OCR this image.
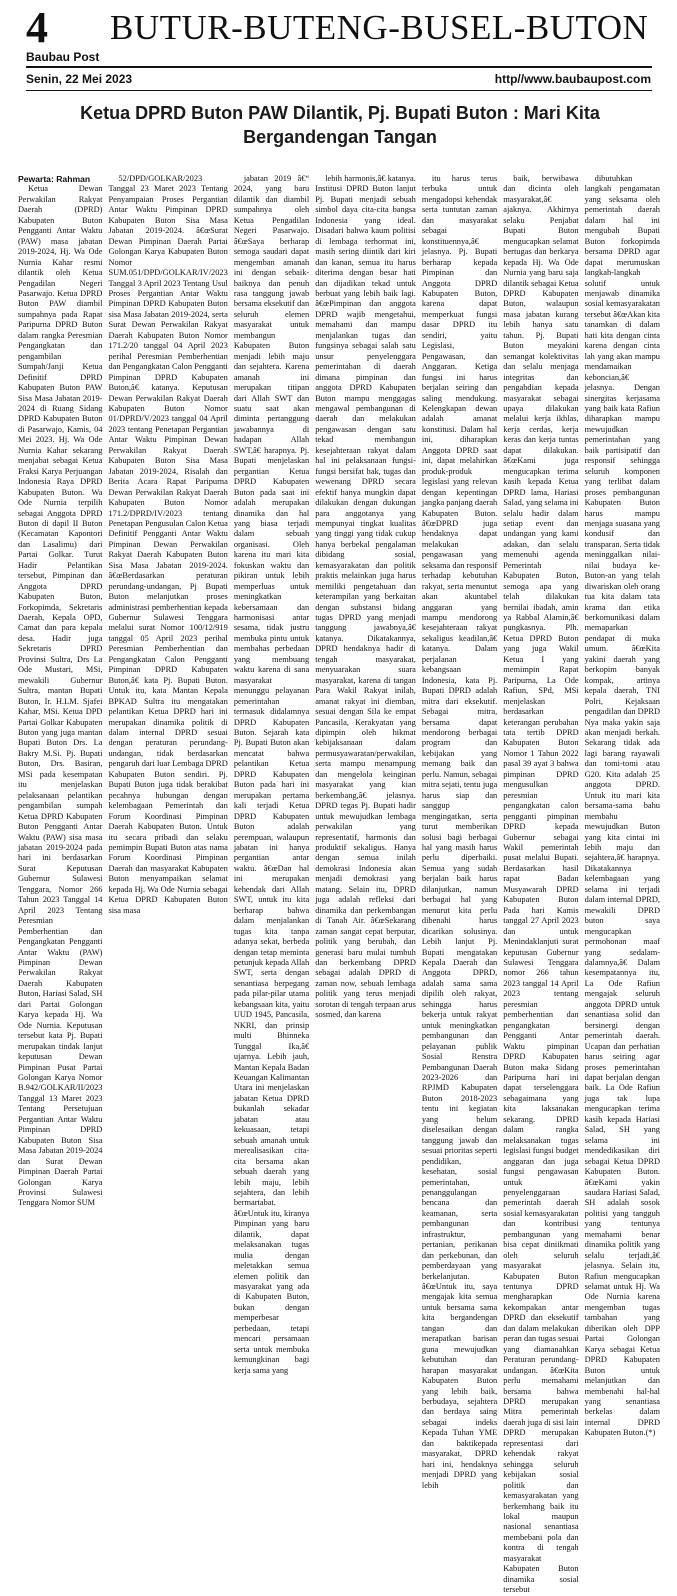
4
Baubau Post
BUTUR-BUTENG-BUSEL-BUTON
Senin, 22 Mei 2023	http//www.baubaupost.com
Ketua DPRD Buton PAW Dilantik, Pj. Bupati Buton : Mari Kita Bergandengan Tangan

Pewarta: Rahman

Ketua Dewan Perwakilan Rakyat Daerah (DPRD) Kabupaten Buton Pengganti Antar Waktu (PAW) masa jabatan 2019-2024, Hj. Wa Ode Nurnia Kahar resmi dilantik oleh Ketua Pengadilan Negeri Pasarwajo. Ketua DPRD Buton PAW diambil sumpahnya pada Rapat Paripurna DPRD Buton dalam rangka Peresmian Pengangkatan dan pengambilan Sumpah/Janji Ketua Definitif DPRD Kabupaten Buton PAW Sisa Masa Jabatan 2019-2024 di Ruang Sidang DPRD Kabupaten Buton di Pasarwajo, Kamis, 04 Mei 2023. Hj. Wa Ode Nurnia Kahar sekarang menjabat sebagai Ketua Fraksi Karya Perjuangan Indonesia Raya DPRD Kabupaten Buton. Wa Ode Nurnia terpilih sebagai Anggota DPRD Buton di dapil II Buton (Kecamatan Kapontori dan Lasalimu) dari Partai Golkar. Turut Hadir Pelantikan tersebut, Pimpinan dan Anggota DPRD Kabupaten Buton, Forkopimda, Sekretaris Daerah, Kepala OPD, Camat dan para kepala desa. Hadir juga Sekretaris DPRD Provinsi Sultra, Drs La Ode Mustari, MSi, mewakili Gubernur Sultra, mantan Bupati Buton, Ir. H.LM. Sjafei Kahar, MSi. Ketua DPD Partai Golkar Kabupaten Buton yang juga mantan Bupati Buton Drs. La Bakry M.Si. Pj. Bupati Buton, Drs. Basiran, MSi pada kesempatan itu menjelaskan pelaksanaan pelantikan pengambilan sumpah Ketua DPRD Kabupaten Buton Pengganti Antar Waktu (PAW) sisa masa jabatan 2019-2024 pada hari ini berdasarkan Surat Keputusan Gubernur Sulawesi Tenggara, Nomor 266 Tahun 2023 Tanggal 14 April 2023 Tentang Peresmian Pemberhentian dan Pengangkatan Pengganti Antar Waktu (PAW) Pimpinan Dewan Perwakilan Rakyat Daerah Kabupaten Buton, Hariasi Salad, SH dari Partai Golongan Karya kepada Hj. Wa Ode Nurnia. Keputusan tersebut kata Pj. Bupati merupakan tindak lanjut keputusan Dewan Pimpinan Pusat Partai Golongan Karya Nomor B.942/GOLKAR/II/2023 Tanggal 13 Maret 2023 Tentang Persetujuan Pergantian Antar Waktu Pimpinan DPRD Kabupaten Buton Sisa Masa Jabatan 2019-2024 dan Surat Dewan Pimpinan Daerah Partai Golongan Karya Provinsi Sulawesi Tenggara Nomor SUM

52/DPD/GOLKAR/2023 Tanggal 23 Maret 2023 Tentang Penyampaian Proses Pergantian Antar Waktu Pimpinan DPRD Kabupaten Buton Sisa Masa Jabatan 2019-2024. â€œSurat Dewan Pimpinan Daerah Partai Golongan Karya Kabupaten Buton Nomor SUM.051/DPD/GOLKAR/IV/2023 Tanggal 3 April 2023 Tentang Usul Proses Pergantian Antar Waktu Pimpinan DPRD Kabupaten Buton sisa Masa Jabatan 2019-2024, serta Surat Dewan Perwakilan Rakyat Daerah Kabupaten Buton Nomor 171.2/20 tanggal 04 April 2023 perihal Peresmian Pemberhentian dan Pengangkatan Calon Pengganti Pimpinan DPRD Kabupaten Buton,â€ katanya. Keputusan Dewan Perwakilan Rakyat Daerah Kabupaten Buton Nomor 01/DPRD/V/2023 tanggal 04 April 2023 tentang Penetapan Pergantian Antar Waktu Pimpinan Dewan Perwakilan Rakyat Daerah Kabupaten Buton Sisa Masa Jabatan 2019-2024, Risalah dan Berita Acara Rapat Paripurna Dewan Perwakilan Rakyat Daerah Kabupaten Buton Nomor 171.2/DPRD/IV/2023 tentang Penetapan Pengusulan Calon Ketua Definitif Pengganti Antar Waktu Pimpinan Dewan Perwakilan Rakyat Daerah Kabupaten Buton Sisa Masa Jabatan 2019-2024. â€œBerdasarkan peraturan perundang-undangan, Pj Bupati Buton melanjutkan proses administrasi pemberhentian kepada Gubernur Sulawesi Tenggara melalui surat Nomor 100/12/919 tanggal 05 April 2023 perihal Peresmian Pemberhentian dan Pengangkatan Calon Pengganti Pimpinan DPRD Kabupaten Buton,â€ kata Pj. Bupati Buton. Untuk itu, kata Mantan Kepala BPKAD Sultra itu mengatakan pelantikan Ketua DPRD hari ini merupakan dinamika politik di dalam internal DPRD sesuai dengan peraturan perundang-undangan, tidak berdasarkan pengaruh dari luar Lembaga DPRD Kabupaten Buton sendiri. Pj. Bupati Buton juga tidak berakibat pecahnya hubungan dengan kelembagaan Pemerintah dan Forum Koordinasi Pimpinan Daerah Kabupaten Buton. Untuk itu secara pribadi dan selaku pemimpin Bupati Buton atas nama Forum Koordinasi Pimpinan Daerah dan masyarakat Kabupaten Buton menyampaikan selamat kepada Hj. Wa Ode Nurnia sebagai Ketua DPRD Kabupaten Buton sisa masa

jabatan 2019 â€“ 2024, yang baru dilantik dan diambil sumpahnya oleh Ketua Pengadilan Negeri Pasarwajo. â€œSaya berharap semoga saudari dapat mengemban amanah ini dengan sebaik-baiknya dan penuh rasa tanggung jawab bersama eksekutif dan seluruh elemen masyarakat untuk membangun Kabupaten Buton menjadi lebih maju dan sejahtera. Karena amanah ini merupakan titipan dari Allah SWT dan suatu saat akan diminta pertanggung jawabannya di hadapan Allah SWT,â€ harapnya. Pj. Bupati menjelaskan pergantian Ketua DPRD Kabupaten Buton pada saat ini adalah merupakan dinamika dan hal yang biasa terjadi dalam sebuah organisasi. Oleh karena itu mari kita fokuskan waktu dan pikiran untuk lebih memperluas untuk meningkatkan kebersamaan dan harmonisasi antar sesama, tidak justru membuka pintu untuk membahas perbedaan yang membuang waktu karena di sana masyarakat menunggu pelayanan pemerintahan termasuk didalamnya DPRD Kabupaten Buton. Sejarah kata Pj. Bupati Buton akan mencatat bahwa pelantikan Ketua DPRD Kabupaten Buton pada hari ini merupakan pertama kali terjadi Ketua DPRD Kabupaten Buton adalah perempuan, walaupun jabatan ini hanya pergantian antar waktu. â€œDan hal ini merupakan kehendak dari Allah SWT, untuk itu kita berharap bahwa dalam menjalankan tugas kita tanpa adanya sekat, berbeda dengan tetap meminta petunjuk kepada Allah SWT, serta dengan senantiasa berpegang pada pilar-pilar utama kebangsaan kita, yaitu UUD 1945, Pancasila, NKRI, dan prinsip multi Bhinneka Tunggal Ika,â€ ujarnya. Lebih jauh, Mantan Kepala Badan Keuangan Kalimantan Utara ini menjelaskan jabatan Ketua DPRD bukanlah sekadar jabatan atau kekuasaan, tetapi sebuah amanah untuk merealisasikan cita-cita bersama akan sebuah daerah yang lebih maju, lebih sejahtera, dan lebih bermartabat. â€œUntuk itu, kiranya Pimpinan yang baru dilantik, dapat melaksanakan tugas mulia dengan meletakkan semua elemen politik dan masyarakat yang ada di Kabupaten Buton, bukan dengan memperbesar perbedaan, tetapi mencari persamaan serta untuk membuka kemungkinan bagi kerja sama yang

lebih harmonis,â€ katanya. Institusi DPRD Buton lanjut Pj. Bupati menjadi sebuah simbol daya cita-cita bangsa Indonesia yang ideal. Disadari bahwa kaum politisi di lembaga terhormat ini, masih sering diintik dari kiri dan kanan, semua itu harus diterima dengan besar hati dan dijadikan tekad untuk berbuat yang lebih baik lagi. â€œPimpinan dan anggota DPRD wajib mengetahui, memahami dan mampu menjalankan tugas dan fungsinya sebagai salah satu unsur penyelenggara pemerintahan di daerah dimana pimpinan dan anggota DPRD Kabupaten Buton mampu menggagas mengawal pembangunan di daerah dan melakukan pengawasan dengan satu tekad membangun kesejahteraan rakyat dalam hal ini pelaksanaan fungsi-fungsi bersifat hak, tugas dan wewenang DPRD secara efektif hanya mungkin dapat dilakukan dengan dukungan para anggotanya yang mempunyai tingkat kualitas yang tinggi yang tidak cukup hanya berbekal pengalaman dibidang sosial, kemasyarakatan dan politik praktis melainkan juga harus memiliki pengetahuan dan keterampilan yang berkaitan dengan substansi bidang tugas DPRD yang menjadi tanggung jawabnya,â€ katanya. Dikatakannya, DPRD hendaknya hadir di tengah masyarakat, menyuarakan suara masyarakat, karena di tangan Para Wakil Rakyat inilah, amanat rakyat ini diemban, sesuai dengan Sila ke empat Pancasila, Kerakyatan yang dipimpin oleh hikmat kebijaksanaan dalam permusyawaratan/perwakilan, serta mampu menampung dan mengelola keinginan masyarakat yang kian berkembang,â€ jelasnya. DPRD tegas Pj. Bupati hadir untuk mewujudkan lembaga perwakilan yang representatif, harmonis dan produktif sekaligus. Hanya dengan semua inilah demokrasi Indonesia akan menjadi demokrasi yang matang. Selain itu, DPRD juga adalah refleksi dari dinamika dan perkembangan di Tanah Air. â€œSekarang zaman sangat cepat berputar, politik yang berubah, dan generasi baru mulai tumbuh dan berkembang DPRD sebagai adalah DPRD di zaman now, sebuah lembaga politik yang terus menjadi sorotan di tengah terpaan arus sosmed, dan karena

itu harus terus terbuka untuk mengadopsi kehendak serta tuntutan zaman dan masyarakat sebagai konstituennya,â€ jelasnya. Pj. Bupati berharap kepada Pimpinan dan Anggota DPRD Kabupaten Buton, karena dapat memperkuat fungsi dasar DPRD itu sendiri, yaitu Legislasi, Pengawasan, dan Anggaran. Ketiga fungsi ini harus berjalan seiring dan saling mendukung. Kelengkapan dewan adalah amanat konstitusi. Dalam hal ini, diharapkan Anggota DPRD saat ini, dapat melahirkan produk-produk legislasi yang relevan dengan kepentingan jangka panjang daerah Kabupaten Buton. â€œDPRD juga hendaknya dapat melakukan pengawasan yang seksama dan responsif terhadap kebutuhan rakyat, serta menuntut akan akuntabel anggaran yang mampu mendorong kesejahteraan rakyat sekaligus keadilan,â€ katanya. Dalam perjalanan kebangsaan Indonesia, kata Pj. Bupati DPRD adalah mitra dari eksekutif. Sebagai mitra, bersama dapat mendorong berbagai program dan kebijakan yang memang baik dan perlu. Namun, sebagai mitra sejati, tentu juga harus siap dan sanggup mengingatkan, serta turut memberikan solusi bagi berbagai hal yang masih harus perlu diperbaiki. Semua yang sudah berjalan baik harus dilanjutkan, namun berbagai hal yang menurut kita perlu dibenahi harus dicarikan solusinya. Lebih lanjut Pj. Bupati mengatakan Kepala Daerah dan Anggota DPRD, adalah sama sama dipilih oleh rakyat, sehingga harus bekerja untuk rakyat untuk meningkatkan pembangunan dan pelayanan publik Sosial Renstra Pembangunan Daerah 2023-2026 dan RPJMD Kabupaten Buton 2018-2023 tentu ini kegiatan yang belum diselesaikan dengan tanggung jawab dan sesuai prioritas seperti pendidikan, kesehatan, sosial pemerintahan, penanggulangan bencana dan keamanan, serta pembangunan infrastruktur, pertanian, perikanan dan perkebunan, dan pemberdayaan yang berkelanjutan. â€œUntuk itu, saya mengajak kita semua untuk bersama sama kita bergandengan tangan dan merapatkan barisan guna mewujudkan kebutuhan dan harapan masyarakat Kabupaten Buton yang lebih baik, berbudaya, sejahtera dan berdaya saing sebagai indeks Kepada Tuhan YME dan baktikepada masyarakat, DPRD hari ini, hendaknya menjadi DPRD yang lebih

baik, berwibawa dan dicinta oleh masyarakat,â€ ajaknya. Akhirnya selaku Penjabat Bupati Buton mengucapkan selamat bertugas dan berkarya kepada Hj. Wa Ode Nurnia yang baru saja dilantik sebagai Ketua DPRD Kabupaten Buton, walaupun masa jabatan kurang lebih hanya satu tahun. Pj. Bupati Buton meyakini semangat kolektivitas dan selalu menjaga integritas dan pengabdian kepada masyarakat sebagai upaya dilakukan melalui kerja ikhlas, kerja cerdas, kerja keras dan kerja tuntas dapat dilakukan. â€œKami juga mengucapkan terima kasih kepada Ketua DPRD lama, Hariasi Salad, yang selama ini selalu hadir dalam setiap event dan undangan yang kami adakan, dan selalu memenuhi agenda Pemerintah Kabupaten Buton, semoga apa yang telah dilakukan bernilai ibadah, amin ya Rabbal Alamin,â€ pungkasnya. Plh. Ketua DPRD Buton yang juga Wakil Ketua I yang memimpin Rapat Paripurna, La Ode Rafiun, SPd, MSi menjelaskan berdasarkan keterangan perubahan tata tertib DPRD Kabupaten Buton Nomor 1 Tahun 2022 pasal 39 ayat 3 bahwa pimpinan DPRD mengusulkan peresmian pengangkatan calon pengganti pimpinan DPRD kepada Gubernur sebagai Wakil pemerintah pusat melalui Bupati. Berdasarkan hasil rapat Badan Musyawarah DPRD Kabupaten Buton Pada hari Kamis tanggal 27 April 2023 dan untuk Menindaklanjuti surat keputusan Gubernur Sulawesi Tenggara nomor 266 tahun 2023 tanggal 14 April 2023 tentang peresmian pemberhentian dan pengangkatan Pengganti Antar Waktu pimpinan DPRD Kabupaten Buton maka Sidang Paripurna hari ini dapat terselenggara sebagaimana yang kita laksanakan sekarang. DPRD dalam rangka melaksanakan tugas legislasi fungsi budget anggaran dan juga fungsi pengawasan untuk penyelenggaraan pemerintah daerah sosial kemasyarakatan dan kontribusi pembangunan yang bisa cepat diniikmati oleh seluruh masyarakat Kabupaten Buton tentunya DPRD mengharapkan kekompakan antar DPRD dan eksekutif dan dalam melakukan peran dan tugas sesuai yang diamanahkan Peraturan perundang-undangan. â€œKita perlu memahami bersama bahwa DPRD merupakan Mitra pemerintah daerah juga di sisi lain DPRD merupakan representasi dari kehendak rakyat sehingga seluruh kebijakan sosial politik dan kemasyarakatan yang berkembang baik itu lokal maupun nasional senantiasa membebani pola dan kontra di tengah masyarakat Kabupaten Buton dinamika sosial tersebut

dibutuhkan langkah pengamatan yang seksama oleh pemerintah daerah dalam hal ini mengubah Bupati Buton forkopimda bersama DPRD agar dapat merumuskan langkah-langkah solutif untuk menjawab dinamika sosial kemasyarakatan tersebut â€œAkan kita tanamkan di dalam hati kita dengan cinta karena dengan cinta lah yang akan mampu mendamaikan keboncian,â€ jelasnya. Dengan sinergitas kerjasama yang baik kata Rafiun diharapkan mampu mewujudkan pemerintahan yang baik partisipatif dan responsif sehingga seluruh komponen yang terlibat dalam proses pembangunan Kabupaten Buton harus mampu menjaga suasana yang kondusif dan transparan. Serta tidak meninggalkan nilai-nilai budaya ke-Buton-an yang telah diwariskan oleh orang tua kita dalam tata krama dan etika berkomunikasi dalam memaparkan pendapat di muka umum. â€œKita yakini daerah yang berkopim banyak kompak, artinya kepala daerah, TNI Polri, Kejaksaan pengadilan dan DPRD Nya maka yakin saja akan menjadi berkah. Sekarang tidak ada lagi barang rayawali dan tomi-tomi atau G20. Kita adalah 25 anggota DPRD. Untuk itu mari kita bersama-sama bahu membahu mewujudkan Buton yang kita cintai ini lebih maju dan sejahtera,â€ harapnya. Dikatakannya kelembagaan yang selama ini terjadi dalam internal DPRD, mewakili DPRD buton saya mengucapkan permohonan maaf yang sedalam-dalamnya,â€ Dalam kesempatannya itu, La Ode Rafiun mengajak seluruh anggota DPRD untuk senantiasa solid dan bersinergi dengan pemerintah daerah. Ucapan dan perhatian harus seiring agar proses pemerintahan dapat berjalan dengan baik. La Ode Rafiun juga tak lupa mengucapkan terima kasih kepada Hariasi Salad, SH yang selama ini mendedikasikan diri sebagai Ketua DPRD Kabupaten Buton. â€œKami yakin saudara Hariasi Salad, SH adalah sosok politisi yang tangguh yang tentunya memahami benar dinamika politik yang selalu terjadi,â€ jelasnya. Selain itu, Rafiun mengucapkan selamat untuk Hj. Wa Ode Nurnia karena mengemban tugas tambahan yang diberikan oleh DPP Partai Golongan Karya sebagai Ketua DPRD Kabupaten Buton untuk melanjutkan dan membenahi hal-hal yang senantiasa berkelas dalam internal DPRD Kabupaten Buton.(*)
